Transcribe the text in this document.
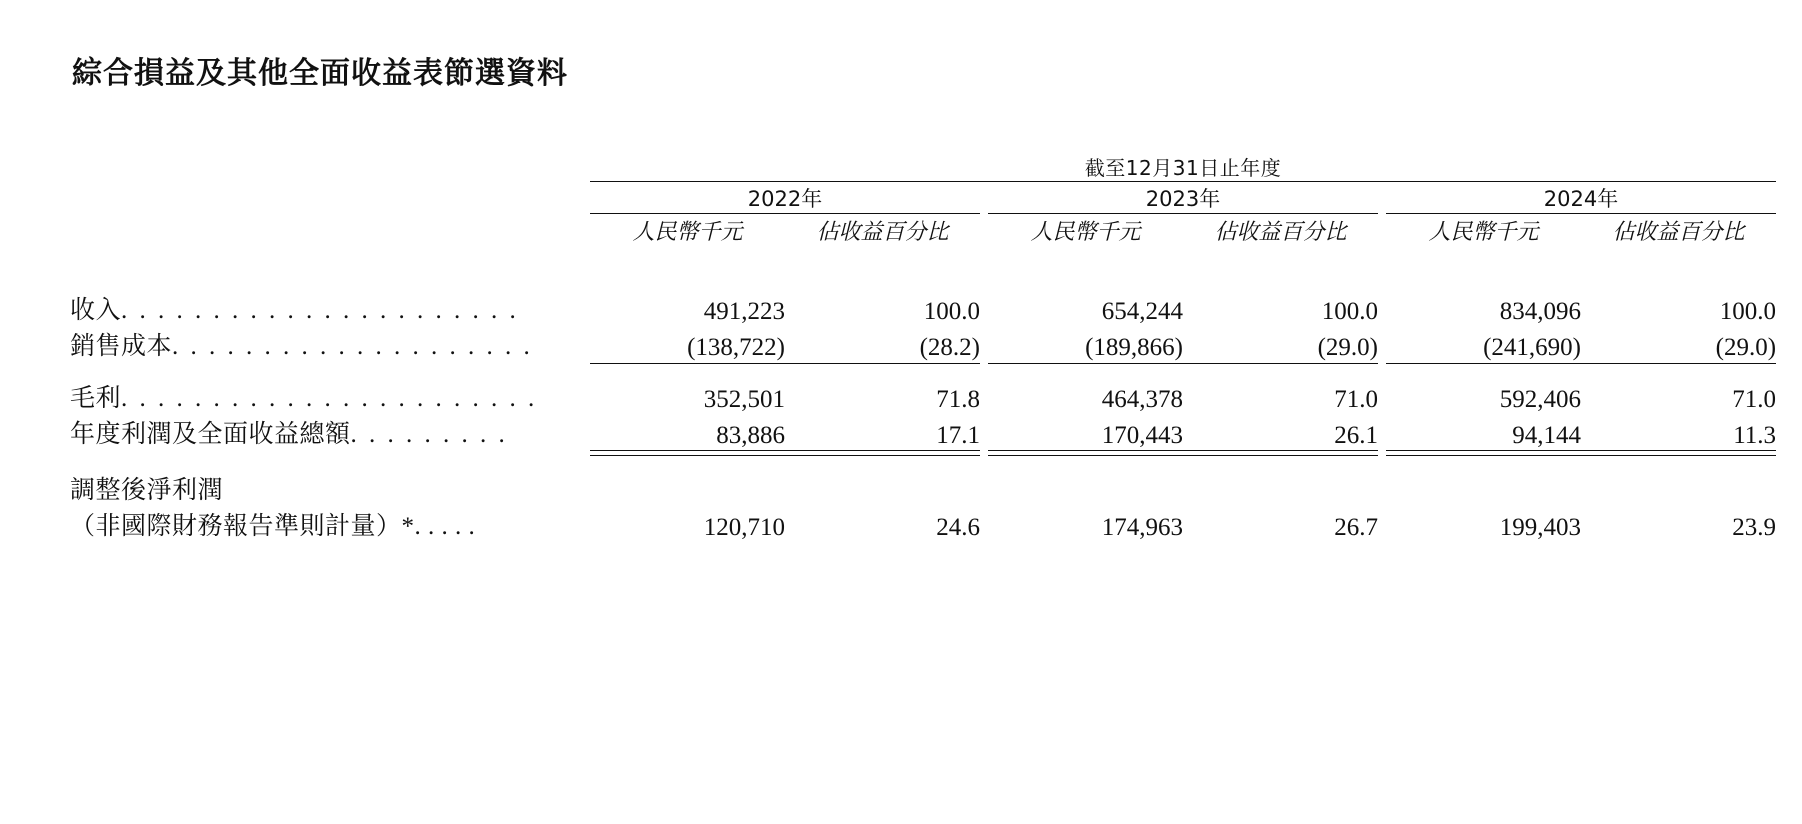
綜合損益及其他全面收益表節選資料
	截至12月31日止年度							

	2022年			2023年			2024年	

	人民幣千元	佔收益百分比		人民幣千元	佔收益百分比		人民幣千元	佔收益百分比

收入. . . . . . . . . . . . . . . . . . . . . .	491,223	100.0		654,244	100.0		834,096	100.0
銷售成本. . . . . . . . . . . . . . . . . . . .	(138,722)	(28.2)		(189,866)	(29.0)		(241,690)	(29.0)

毛利. . . . . . . . . . . . . . . . . . . . . . .	352,501	71.8		464,378	71.0		592,406	71.0
年度利潤及全面收益總額. . . . . . . . .	83,886	17.1		170,443	26.1		94,144	11.3

調整後淨利潤								
（非國際財務報告準則計量）*. . . . .	120,710	24.6		174,963	26.7		199,403	23.9
